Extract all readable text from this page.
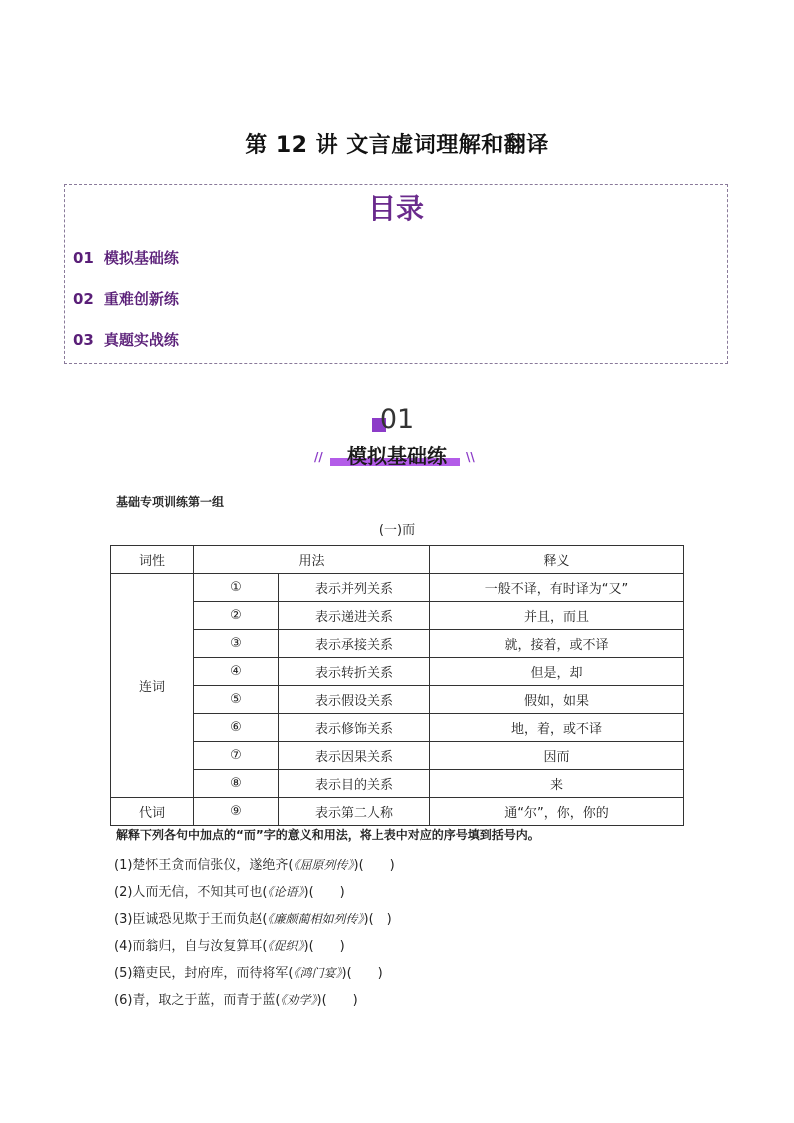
第 12 讲 文言虚词理解和翻译
目录
01 模拟基础练
02 重难创新练
03 真题实战练
01
//	模拟基础练	\\
基础专项训练第一组
(一)而
词性	用法		释义
连词	①	表示并列关系	一般不译，有时译为“又”
	②	表示递进关系	并且，而且
	③	表示承接关系	就，接着，或不译
	④	表示转折关系	但是，却
	⑤	表示假设关系	假如，如果
	⑥	表示修饰关系	地，着，或不译
	⑦	表示因果关系	因而
	⑧	表示目的关系	来
代词	⑨	表示第二人称	通“尔”，你，你的
解释下列各句中加点的“而”字的意义和用法，将上表中对应的序号填到括号内。
(1)楚怀王贪而信张仪，遂绝齐(《屈原列传》)(　　)
(2)人而无信，不知其可也(《论语》)(　　)
(3)臣诚恐见欺于王而负赵(《廉颇蔺相如列传》)(　)
(4)而翁归，自与汝复算耳(《促织》)(　　)
(5)籍吏民，封府库，而待将军(《鸿门宴》)(　　)
(6)青，取之于蓝，而青于蓝(《劝学》)(　　)
